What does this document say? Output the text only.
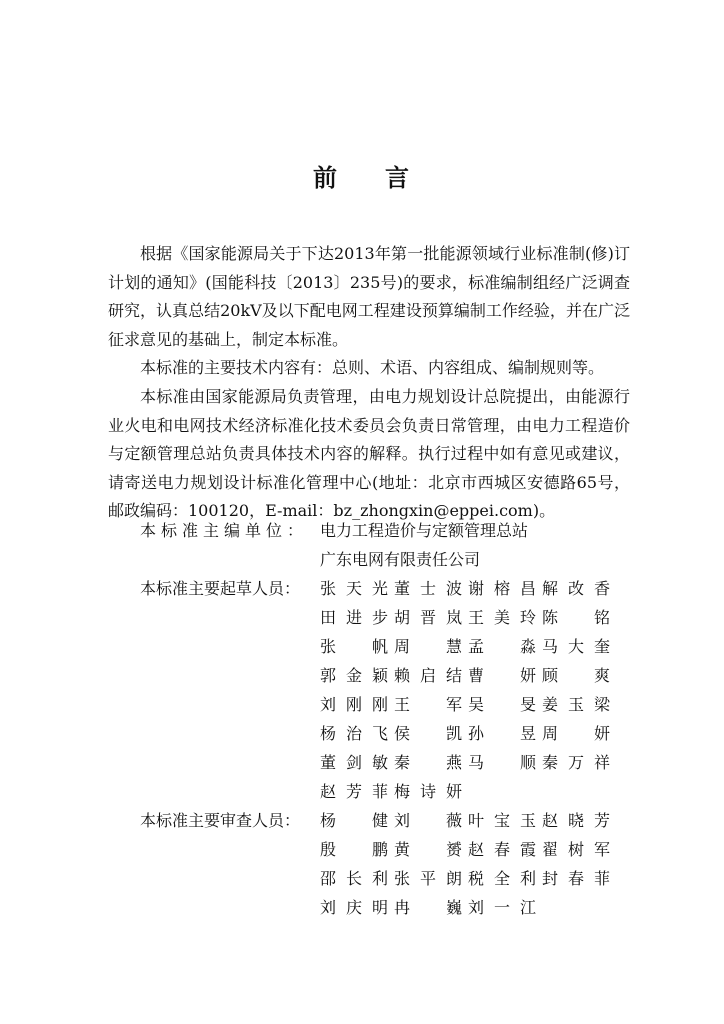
前 言

根据《国家能源局关于下达2013年第一批能源领域行业标准制(修)订计划的通知》(国能科技〔2013〕235号)的要求，标准编制组经广泛调查研究，认真总结20kV及以下配电网工程建设预算编制工作经验，并在广泛征求意见的基础上，制定本标准。

本标准的主要技术内容有：总则、术语、内容组成、编制规则等。

本标准由国家能源局负责管理，由电力规划设计总院提出，由能源行业火电和电网技术经济标准化技术委员会负责日常管理，由电力工程造价与定额管理总站负责具体技术内容的解释。执行过程中如有意见或建议，请寄送电力规划设计标准化管理中心(地址：北京市西城区安德路65号，邮政编码：100120，E-mail：bz_zhongxin@eppei.com)。

本标准主编单位： 电力工程造价与定额管理总站
广东电网有限责任公司
本标准主要起草人员：	张天光 董士波 谢榕昌 解改香
田进步 胡晋岚 王美玲 陈铭
张帆 周慧 孟淼 马大奎
郭金颖 赖启结 曹妍 顾爽
刘刚刚 王军 吴旻 姜玉梁
杨治飞 侯凯 孙昱 周妍
董剑敏 秦燕 马顺 秦万祥
赵芳菲 梅诗妍
本标准主要审查人员：	杨健 刘薇 叶宝玉 赵晓芳
殷鹏 黄赟 赵春霞 翟树军
邵长利 张平朗 税全利 封春菲
刘庆明 冉巍 刘一江
